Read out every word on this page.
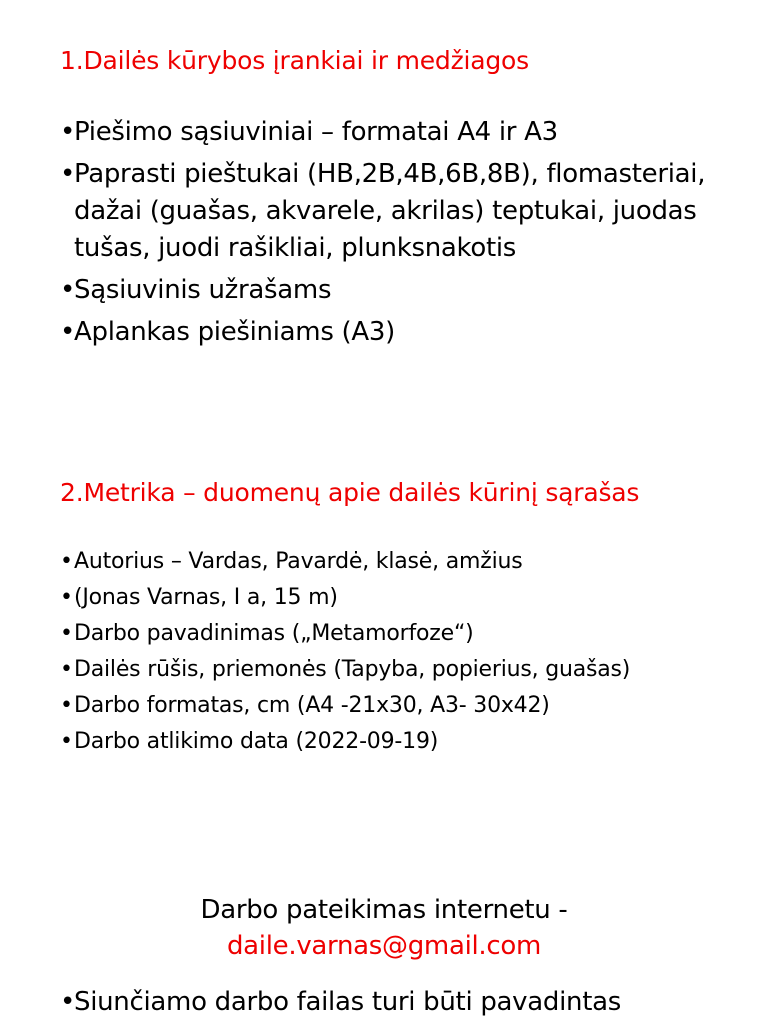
1.Dailės kūrybos įrankiai ir medžiagos
•
Piešimo sąsiuviniai – formatai A4 ir A3
•
Paprasti pieštukai (HB,2B,4B,6B,8B), flomasteriai, dažai (guašas, akvarele, akrilas) teptukai, juodas tušas, juodi rašikliai, plunksnakotis
•
Sąsiuvinis užrašams
•
Aplankas piešiniams (A3)
2.Metrika – duomenų apie dailės kūrinį sąrašas
• Autorius – Vardas, Pavardė, klasė, amžius
• (Jonas Varnas, I a, 15 m)
• Darbo pavadinimas („Metamorfoze“)
• Dailės rūšis, priemonės (Tapyba, popierius, guašas)
• Darbo formatas, cm (A4 -21x30, A3- 30x42)
• Darbo atlikimo data (2022-09-19)
Darbo pateikimas internetu -
daile.varnas@gmail.com
•
Siunčiamo darbo failas turi būti pavadintas
